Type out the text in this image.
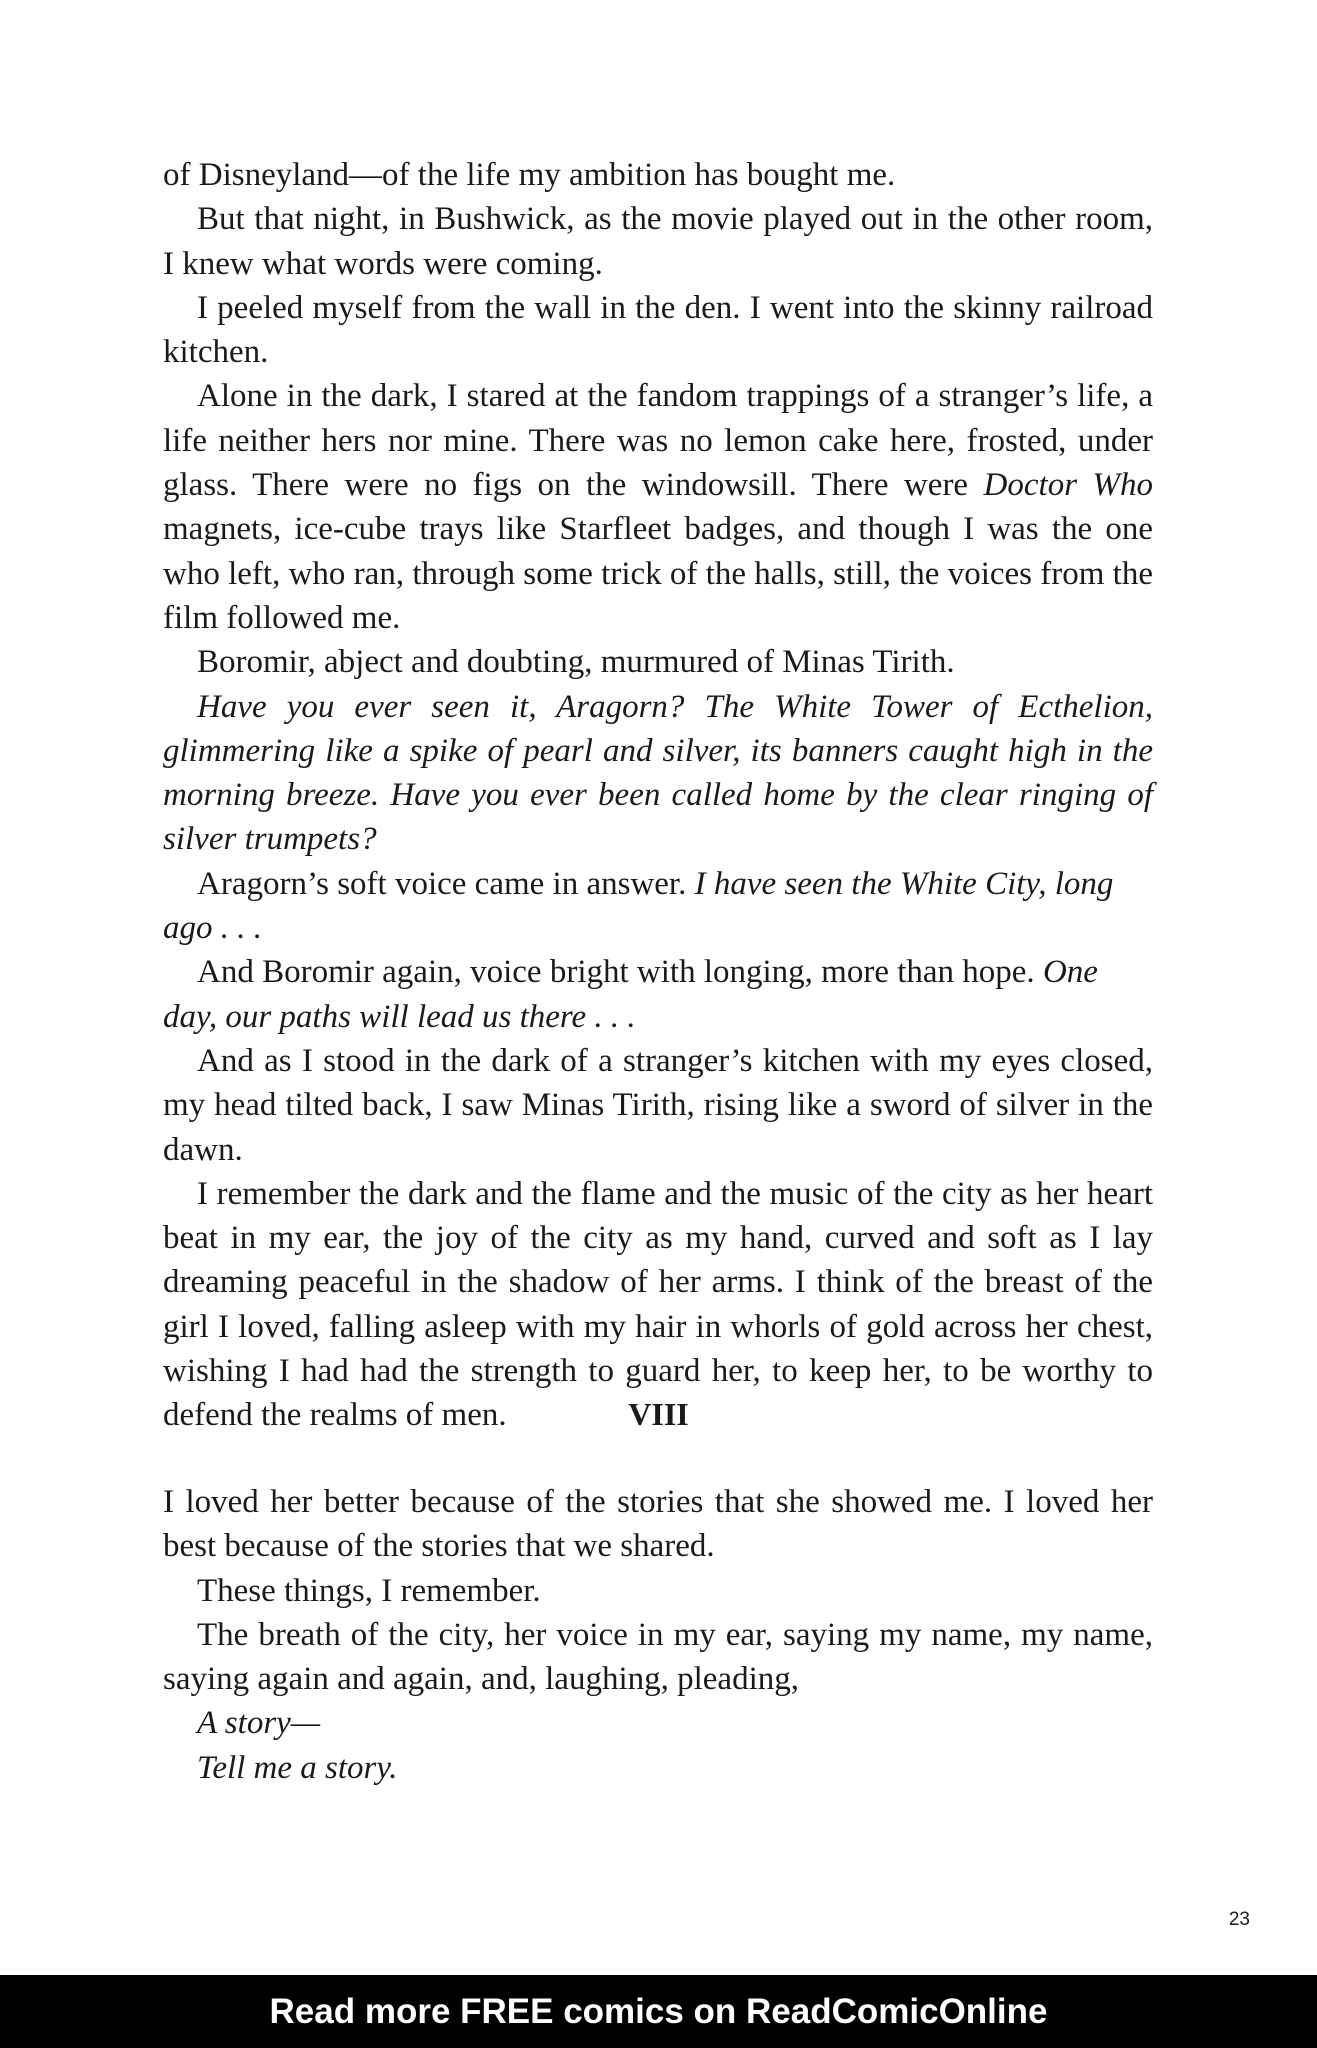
of Disneyland—of the life my ambition has bought me.

But that night, in Bushwick, as the movie played out in the other room, I knew what words were coming.

I peeled myself from the wall in the den. I went into the skinny railroad kitchen.

Alone in the dark, I stared at the fandom trappings of a stranger’s life, a life neither hers nor mine. There was no lemon cake here, frosted, under glass. There were no figs on the windowsill. There were Doctor Who magnets, ice-cube trays like Starfleet badges, and though I was the one who left, who ran, through some trick of the halls, still, the voices from the film followed me.

Boromir, abject and doubting, murmured of Minas Tirith.

Have you ever seen it, Aragorn? The White Tower of Ecthelion, glimmering like a spike of pearl and silver, its banners caught high in the morning breeze. Have you ever been called home by the clear ringing of silver trumpets?

Aragorn’s soft voice came in answer. I have seen the White City, long ago . . .

And Boromir again, voice bright with longing, more than hope. One day, our paths will lead us there . . .

And as I stood in the dark of a stranger’s kitchen with my eyes closed, my head tilted back, I saw Minas Tirith, rising like a sword of silver in the dawn.

I remember the dark and the flame and the music of the city as her heart beat in my ear, the joy of the city as my hand, curved and soft as I lay dreaming peaceful in the shadow of her arms. I think of the breast of the girl I loved, falling asleep with my hair in whorls of gold across her chest, wishing I had had the strength to guard her, to keep her, to be worthy to defend the realms of men.	VIII

I loved her better because of the stories that she showed me. I loved her best because of the stories that we shared.

These things, I remember.

The breath of the city, her voice in my ear, saying my name, my name, saying again and again, and, laughing, pleading,

A story—

Tell me a story.

23
Read more FREE comics on ReadComicOnline
